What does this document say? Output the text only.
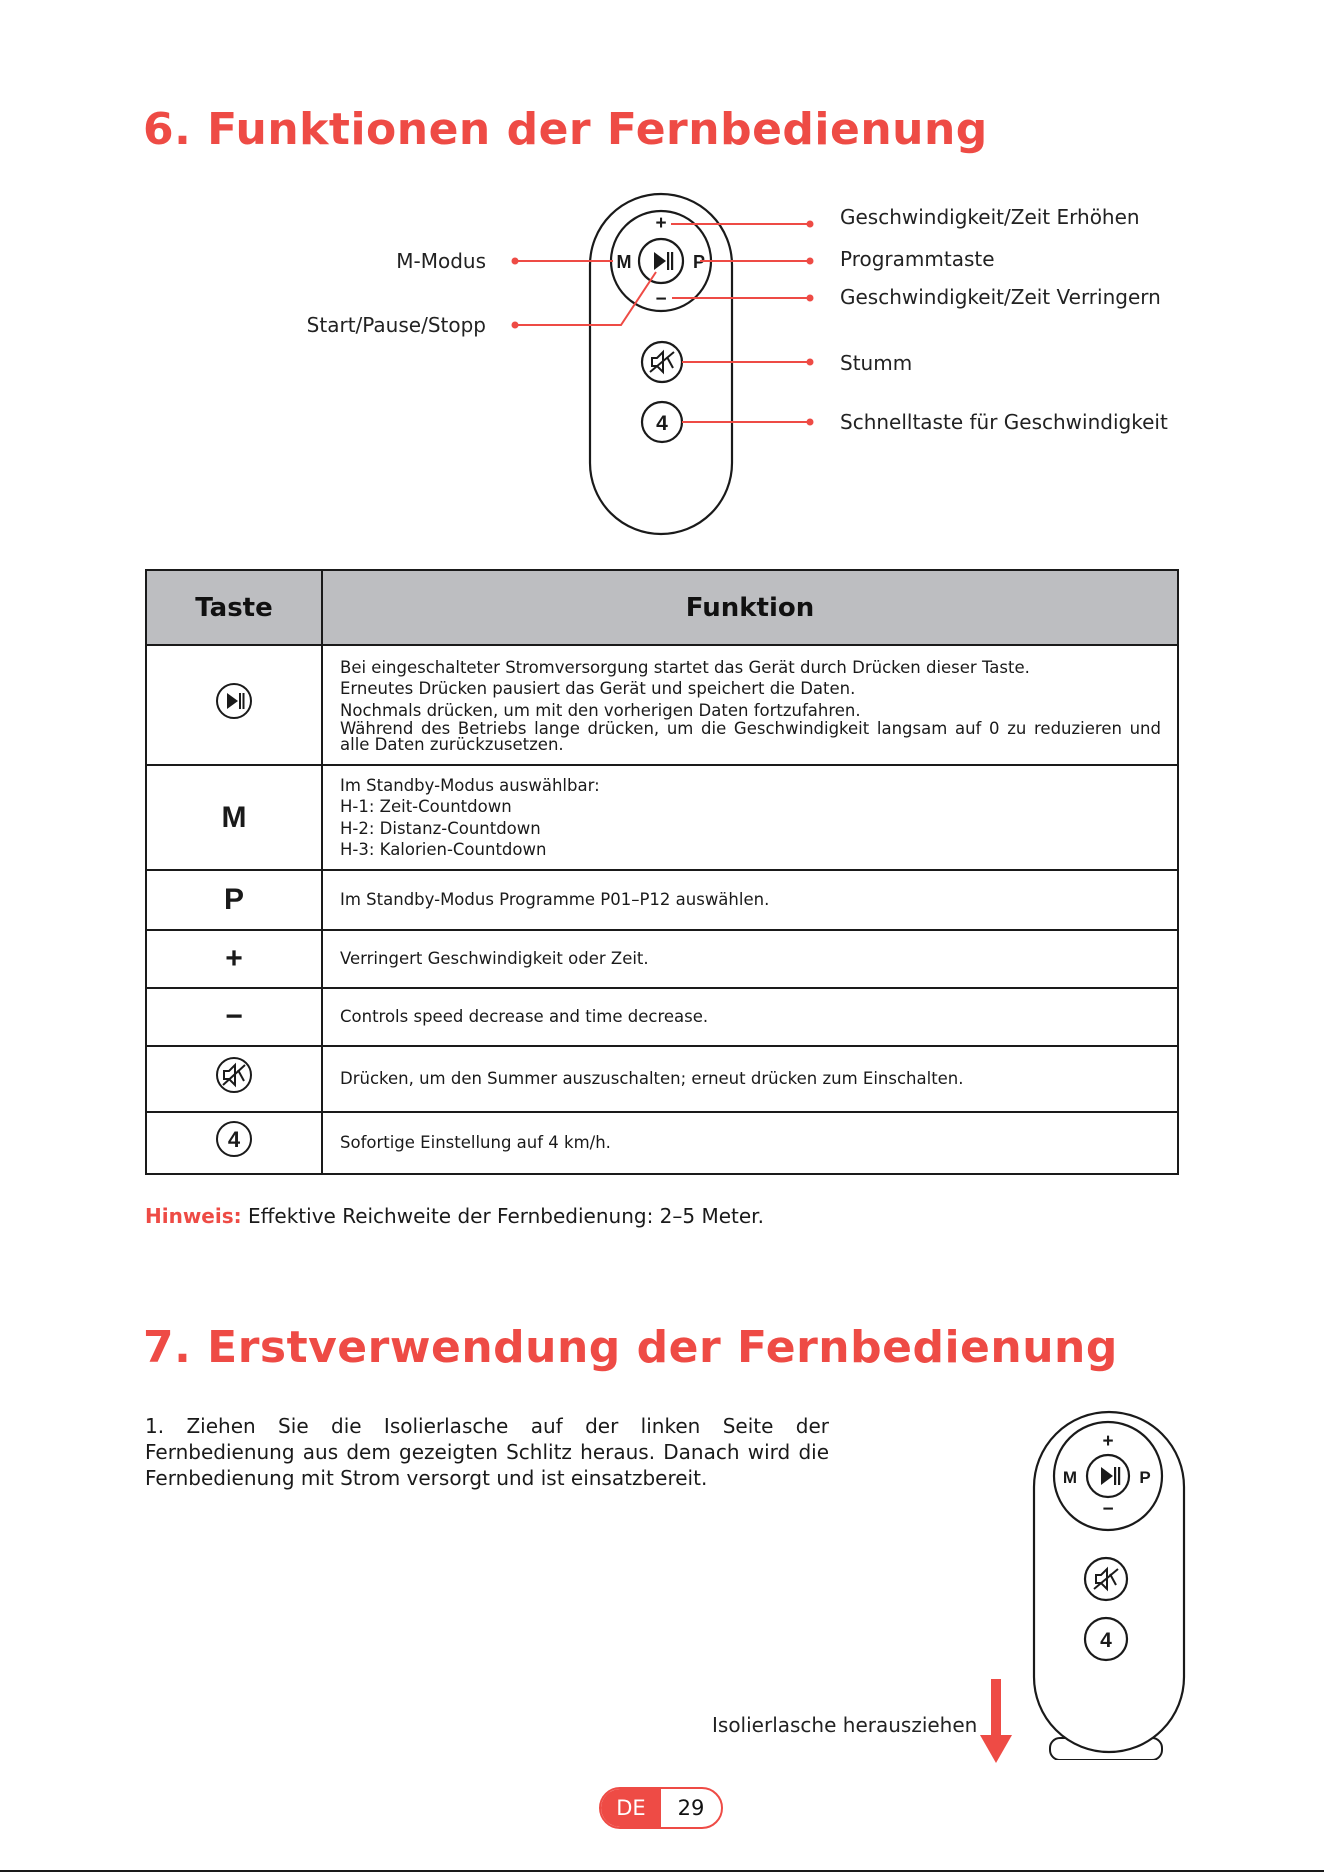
6. Funktionen der Fernbedienung
+
−
M	P
4
M-Modus
Start/Pause/Stopp
Geschwindigkeit/Zeit Erhöhen
Programmtaste
Geschwindigkeit/Zeit Verringern
Stumm
Schnelltaste für Geschwindigkeit
Taste	Funktion

Bei eingeschalteter Stromversorgung startet das Gerät durch Drücken dieser Taste.
Erneutes Drücken pausiert das Gerät und speichert die Daten.
Nochmals drücken, um mit den vorherigen Daten fortzufahren.
Während des Betriebs lange drücken, um die Geschwindigkeit langsam auf 0 zu reduzieren und alle Daten zurückzusetzen.

M	Im Standby-Modus auswählbar:
H-1: Zeit-Countdown
H-2: Distanz-Countdown
H-3: Kalorien-Countdown

P	Im Standby-Modus Programme P01–P12 auswählen.
+	Verringert Geschwindigkeit oder Zeit.
−	Controls speed decrease and time decrease.
	Drücken, um den Summer auszuschalten; erneut drücken zum Einschalten.

4	Sofortige Einstellung auf 4 km/h.
Hinweis: Effektive Reichweite der Fernbedienung: 2–5 Meter.
7. Erstverwendung der Fernbedienung
1. Ziehen Sie die Isolierlasche auf der linken Seite der Fernbedienung aus dem gezeigten Schlitz heraus. Danach wird die Fernbedienung mit Strom versorgt und ist einsatzbereit.
+
−
M	P
4
Isolierlasche herausziehen
DE	29
